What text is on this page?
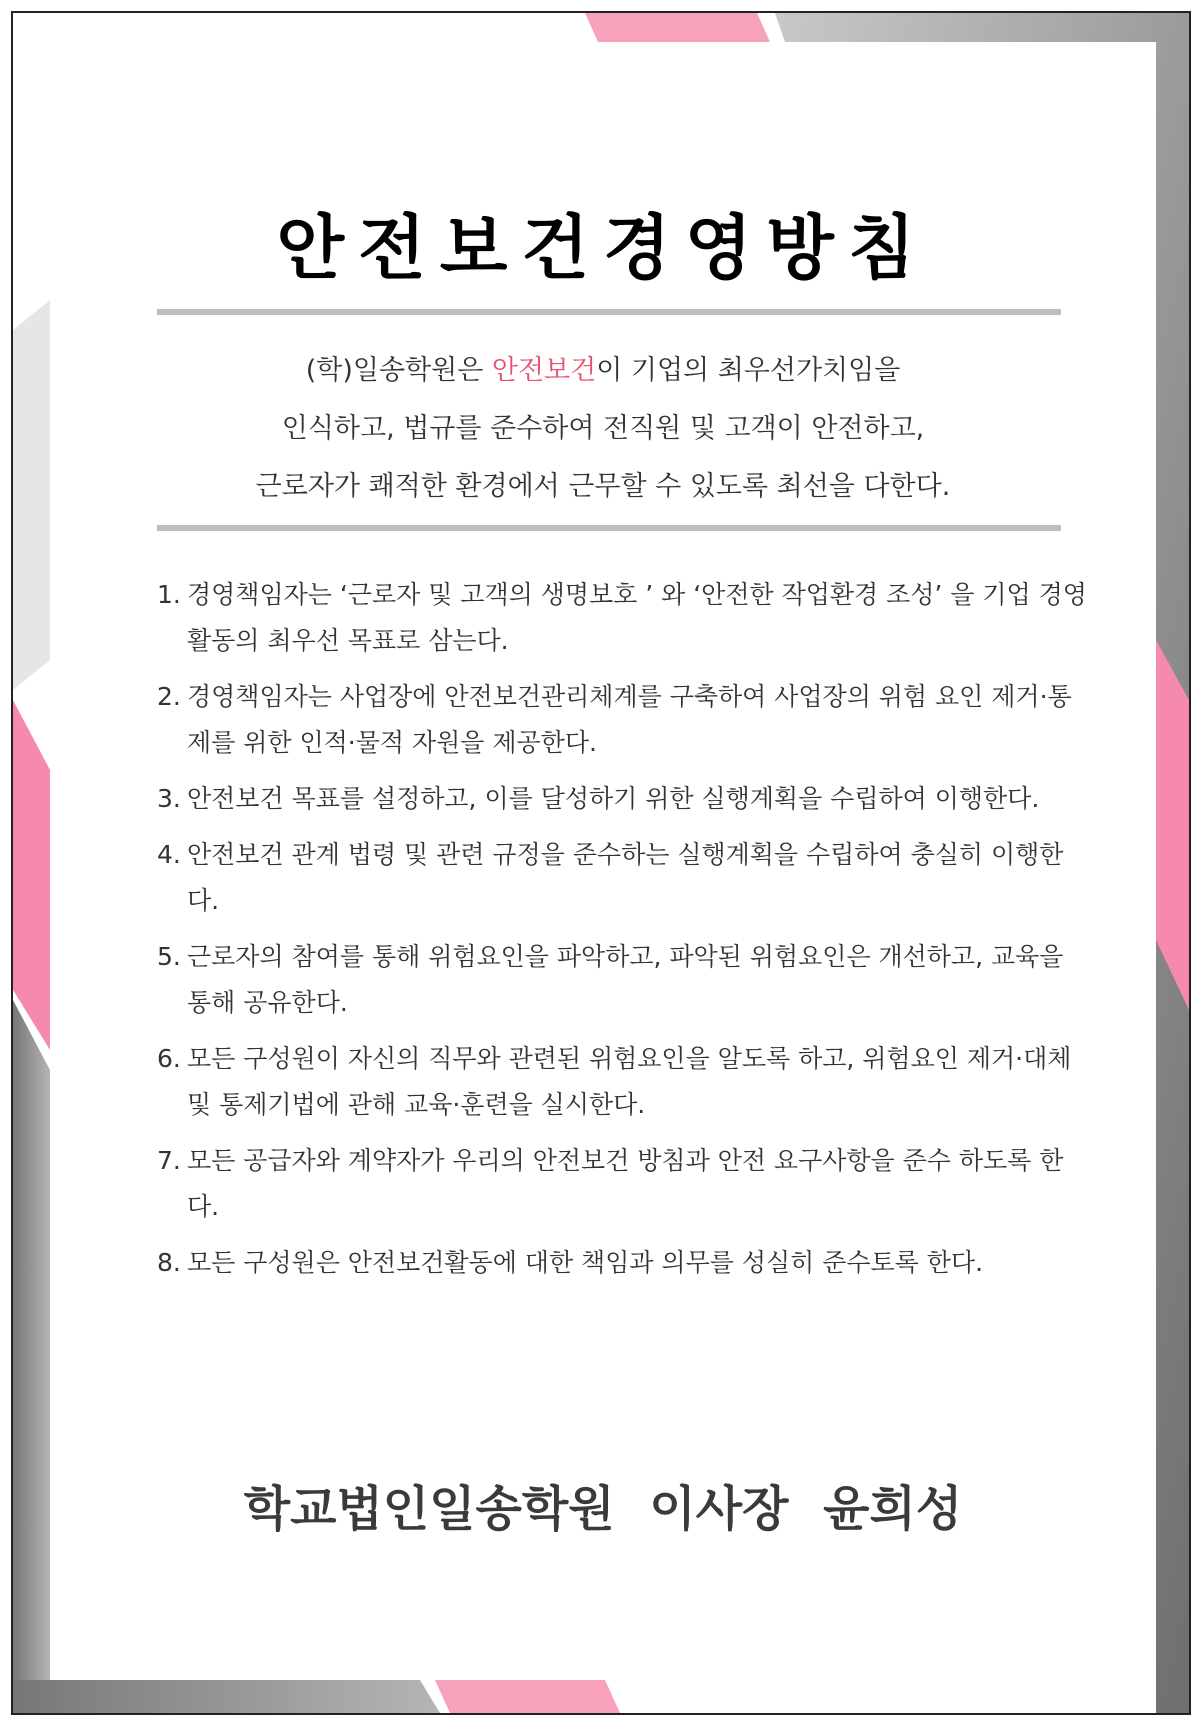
안전보건경영방침
(학)일송학원은 안전보건이 기업의 최우선가치임을
인식하고, 법규를 준수하여 전직원 및 고객이 안전하고,
근로자가 쾌적한 환경에서 근무할 수 있도록 최선을 다한다.
1. 경영책임자는 ‘근로자 및 고객의 생명보호 ’ 와 ‘안전한 작업환경 조성’ 을 기업 경영활동의 최우선 목표로 삼는다.
2. 경영책임자는 사업장에 안전보건관리체계를 구축하여 사업장의 위험 요인 제거·통제를 위한 인적·물적 자원을 제공한다.
3. 안전보건 목표를 설정하고, 이를 달성하기 위한 실행계획을 수립하여 이행한다.
4. 안전보건 관계 법령 및 관련 규정을 준수하는 실행계획을 수립하여 충실히 이행한다.
5. 근로자의 참여를 통해 위험요인을 파악하고, 파악된 위험요인은 개선하고, 교육을 통해 공유한다.
6. 모든 구성원이 자신의 직무와 관련된 위험요인을 알도록 하고, 위험요인 제거·대체 및 통제기법에 관해 교육·훈련을 실시한다.
7. 모든 공급자와 계약자가 우리의 안전보건 방침과 안전 요구사항을 준수 하도록 한다.
8. 모든 구성원은 안전보건활동에 대한 책임과 의무를 성실히 준수토록 한다.
학교법인일송학원 이사장 윤희성
